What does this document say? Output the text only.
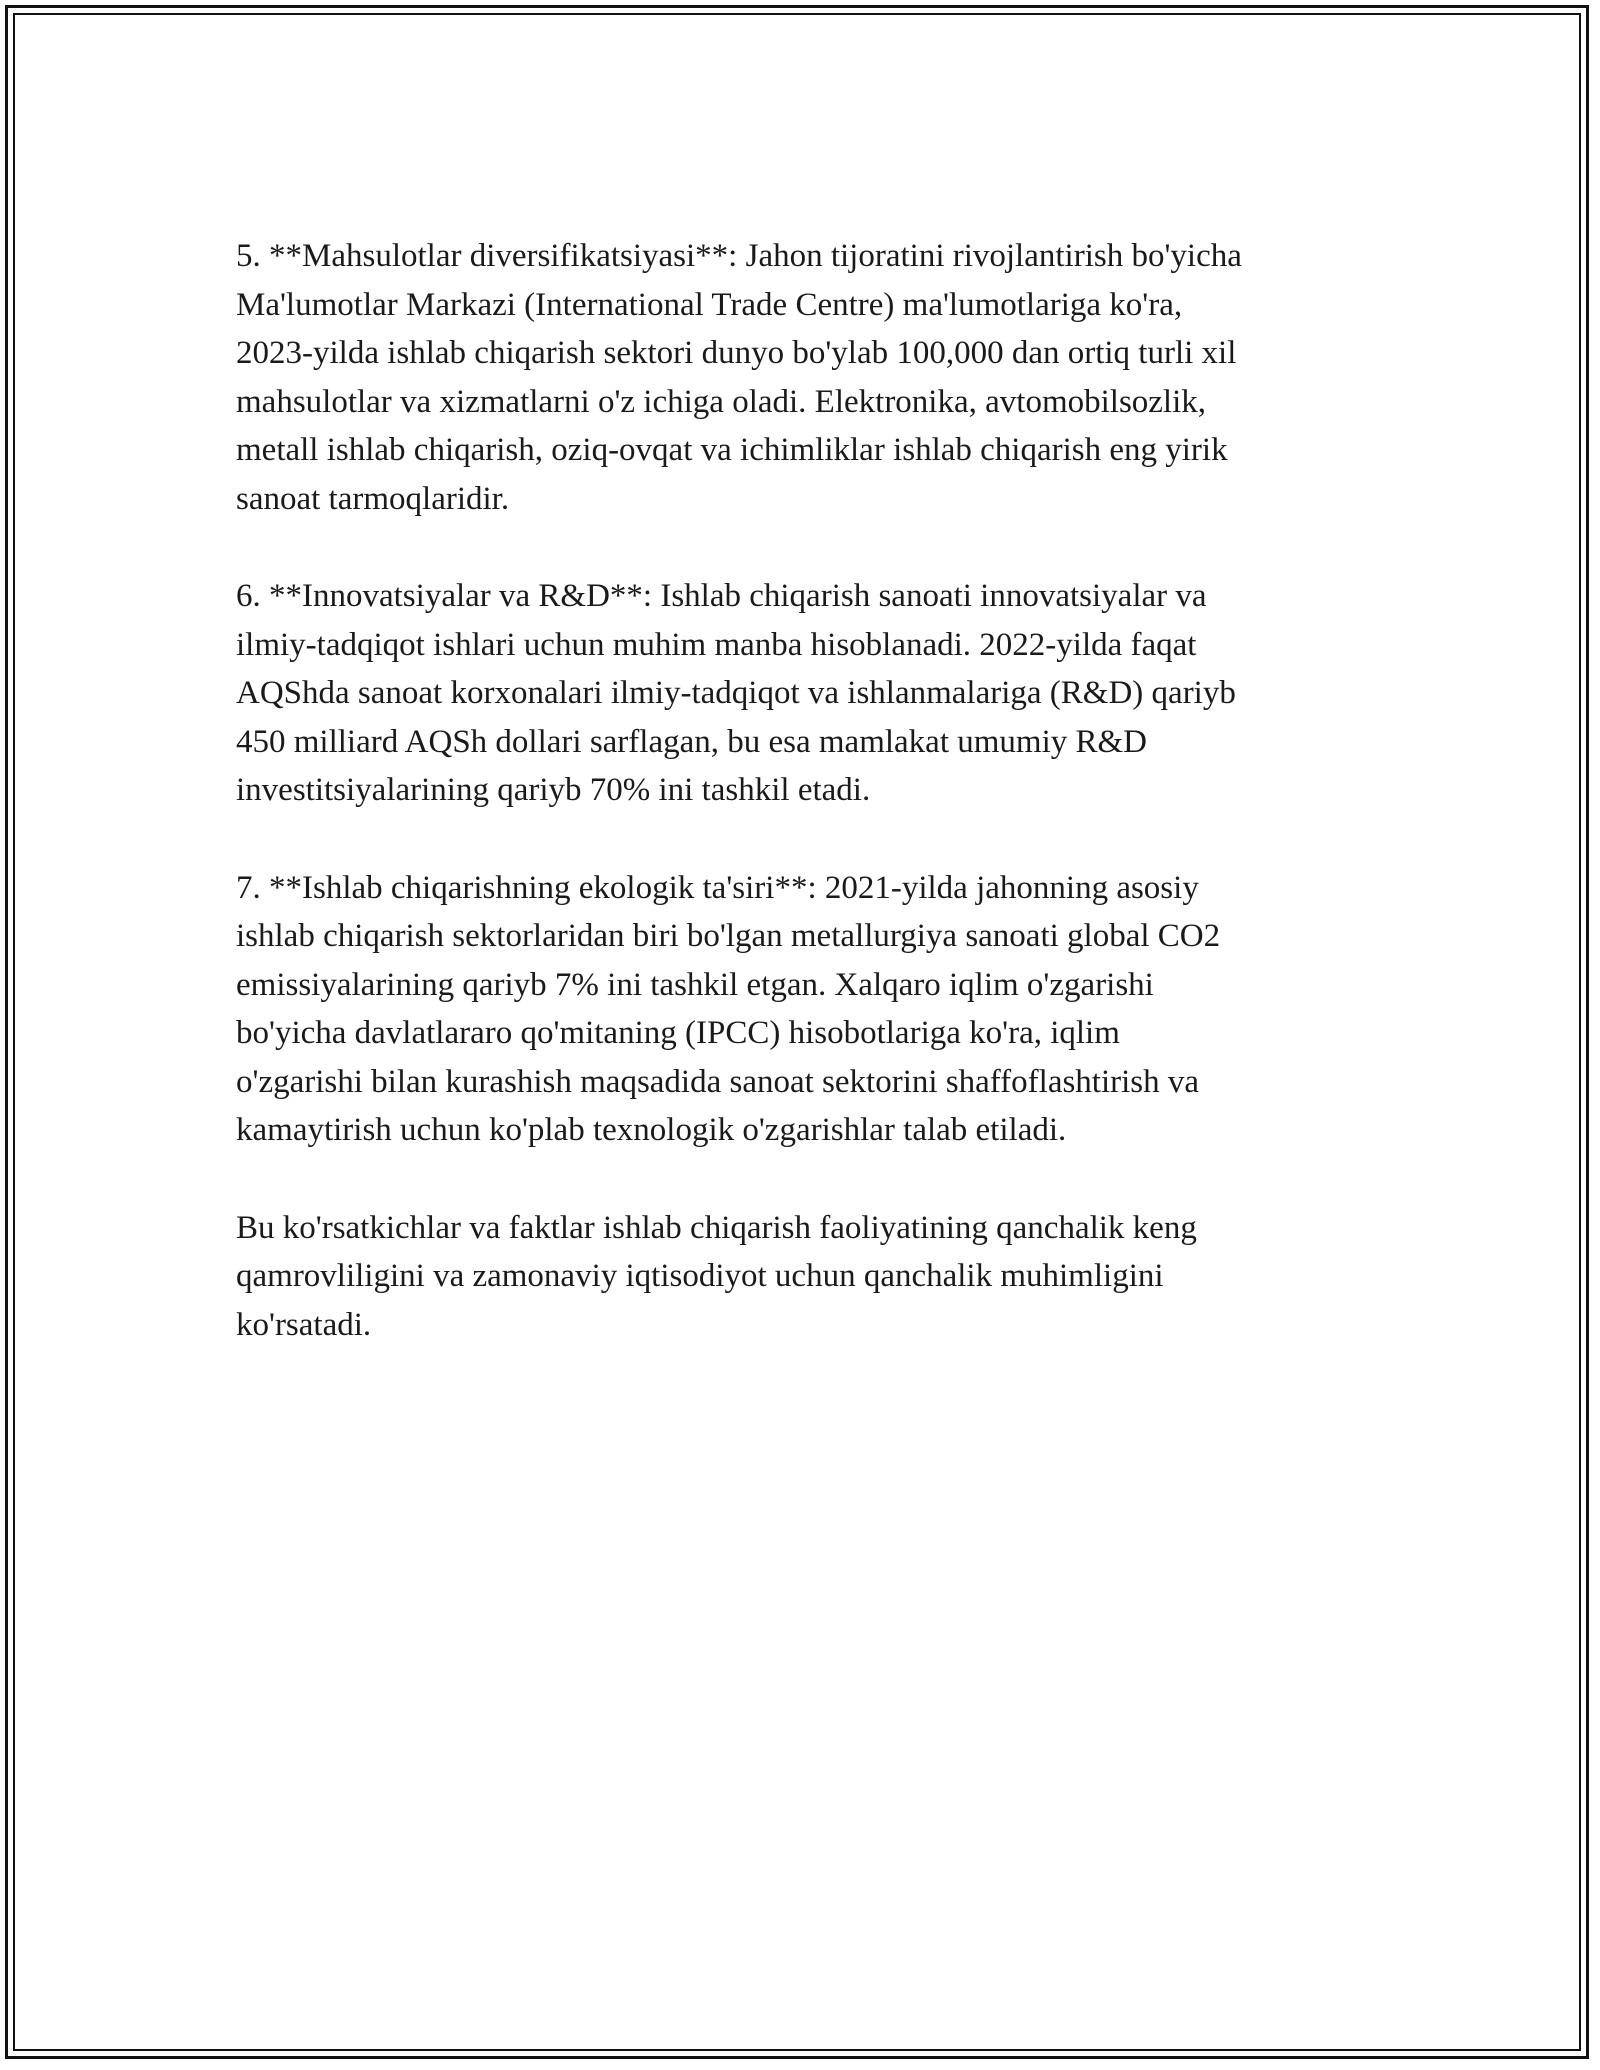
5. **Mahsulotlar diversifikatsiyasi**: Jahon tijoratini rivojlantirish bo'yicha
Ma'lumotlar Markazi (International Trade Centre) ma'lumotlariga ko'ra,
2023-yilda ishlab chiqarish sektori dunyo bo'ylab 100,000 dan ortiq turli xil
mahsulotlar va xizmatlarni o'z ichiga oladi. Elektronika, avtomobilsozlik,
metall ishlab chiqarish, oziq-ovqat va ichimliklar ishlab chiqarish eng yirik
sanoat tarmoqlaridir.

6. **Innovatsiyalar va R&D**: Ishlab chiqarish sanoati innovatsiyalar va
ilmiy-tadqiqot ishlari uchun muhim manba hisoblanadi. 2022-yilda faqat
AQShda sanoat korxonalari ilmiy-tadqiqot va ishlanmalariga (R&D) qariyb
450 milliard AQSh dollari sarflagan, bu esa mamlakat umumiy R&D
investitsiyalarining qariyb 70% ini tashkil etadi.

7. **Ishlab chiqarishning ekologik ta'siri**: 2021-yilda jahonning asosiy
ishlab chiqarish sektorlaridan biri bo'lgan metallurgiya sanoati global CO2
emissiyalarining qariyb 7% ini tashkil etgan. Xalqaro iqlim o'zgarishi
bo'yicha davlatlararo qo'mitaning (IPCC) hisobotlariga ko'ra, iqlim
o'zgarishi bilan kurashish maqsadida sanoat sektorini shaffoflashtirish va
kamaytirish uchun ko'plab texnologik o'zgarishlar talab etiladi.

Bu ko'rsatkichlar va faktlar ishlab chiqarish faoliyatining qanchalik keng
qamrovliligini va zamonaviy iqtisodiyot uchun qanchalik muhimligini
ko'rsatadi.
